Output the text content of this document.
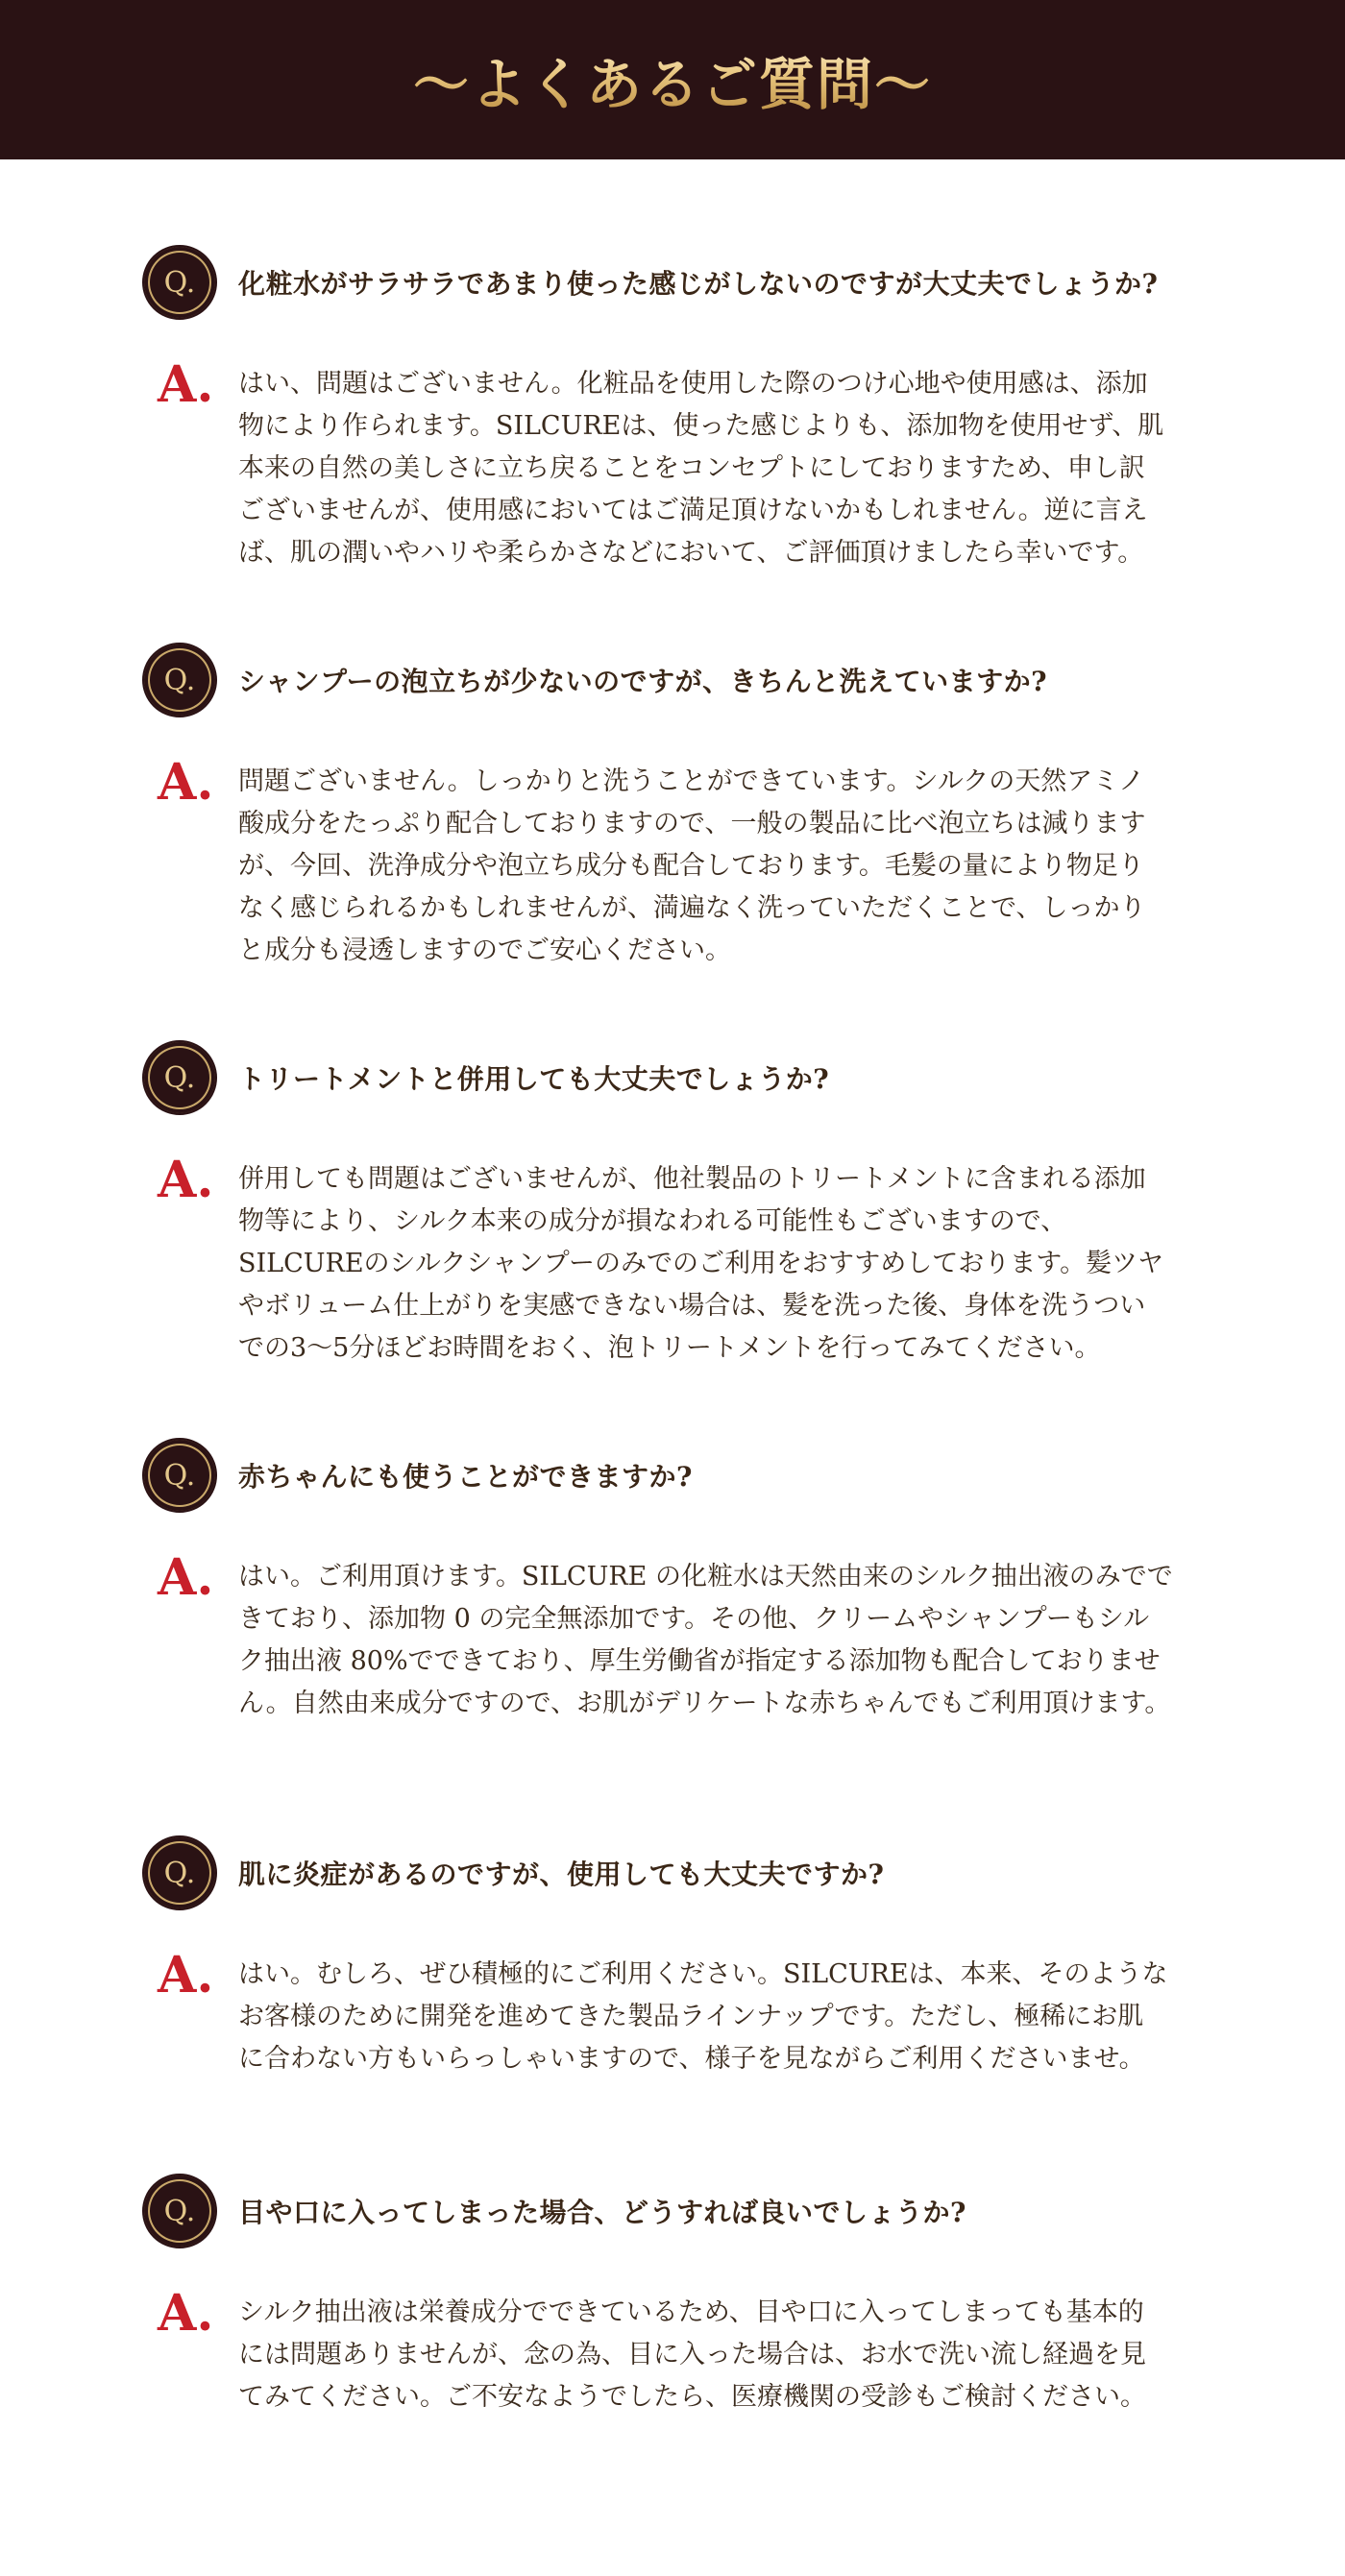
〜よくあるご質問〜
Q. 化粧水がサラサラであまり使った感じがしないのですが大丈夫でしょうか?
A. はい、問題はございません。化粧品を使用した際のつけ心地や使用感は、添加
物により作られます。SILCUREは、使った感じよりも、添加物を使用せず、肌
本来の自然の美しさに立ち戻ることをコンセプトにしておりますため、申し訳
ございませんが、使用感においてはご満足頂けないかもしれません。逆に言え
ば、肌の潤いやハリや柔らかさなどにおいて、ご評価頂けましたら幸いです。
Q. シャンプーの泡立ちが少ないのですが、きちんと洗えていますか?
A. 問題ございません。しっかりと洗うことができています。シルクの天然アミノ
酸成分をたっぷり配合しておりますので、一般の製品に比べ泡立ちは減ります
が、今回、洗浄成分や泡立ち成分も配合しております。毛髪の量により物足り
なく感じられるかもしれませんが、満遍なく洗っていただくことで、しっかり
と成分も浸透しますのでご安心ください。
Q. トリートメントと併用しても大丈夫でしょうか?
A. 併用しても問題はございませんが、他社製品のトリートメントに含まれる添加
物等により、シルク本来の成分が損なわれる可能性もございますので、
SILCUREのシルクシャンプーのみでのご利用をおすすめしております。髪ツヤ
やボリューム仕上がりを実感できない場合は、髪を洗った後、身体を洗うつい
での3〜5分ほどお時間をおく、泡トリートメントを行ってみてください。
Q. 赤ちゃんにも使うことができますか?
A. はい。ご利用頂けます。SILCURE の化粧水は天然由来のシルク抽出液のみでで
きており、添加物 0 の完全無添加です。その他、クリームやシャンプーもシル
ク抽出液 80%でできており、厚生労働省が指定する添加物も配合しておりませ
ん。自然由来成分ですので、お肌がデリケートな赤ちゃんでもご利用頂けます。
Q. 肌に炎症があるのですが、使用しても大丈夫ですか?
A. はい。むしろ、ぜひ積極的にご利用ください。SILCUREは、本来、そのような
お客様のために開発を進めてきた製品ラインナップです。ただし、極稀にお肌
に合わない方もいらっしゃいますので、様子を見ながらご利用くださいませ。
Q. 目や口に入ってしまった場合、どうすれば良いでしょうか?
A. シルク抽出液は栄養成分でできているため、目や口に入ってしまっても基本的
には問題ありませんが、念の為、目に入った場合は、お水で洗い流し経過を見
てみてください。ご不安なようでしたら、医療機関の受診もご検討ください。
